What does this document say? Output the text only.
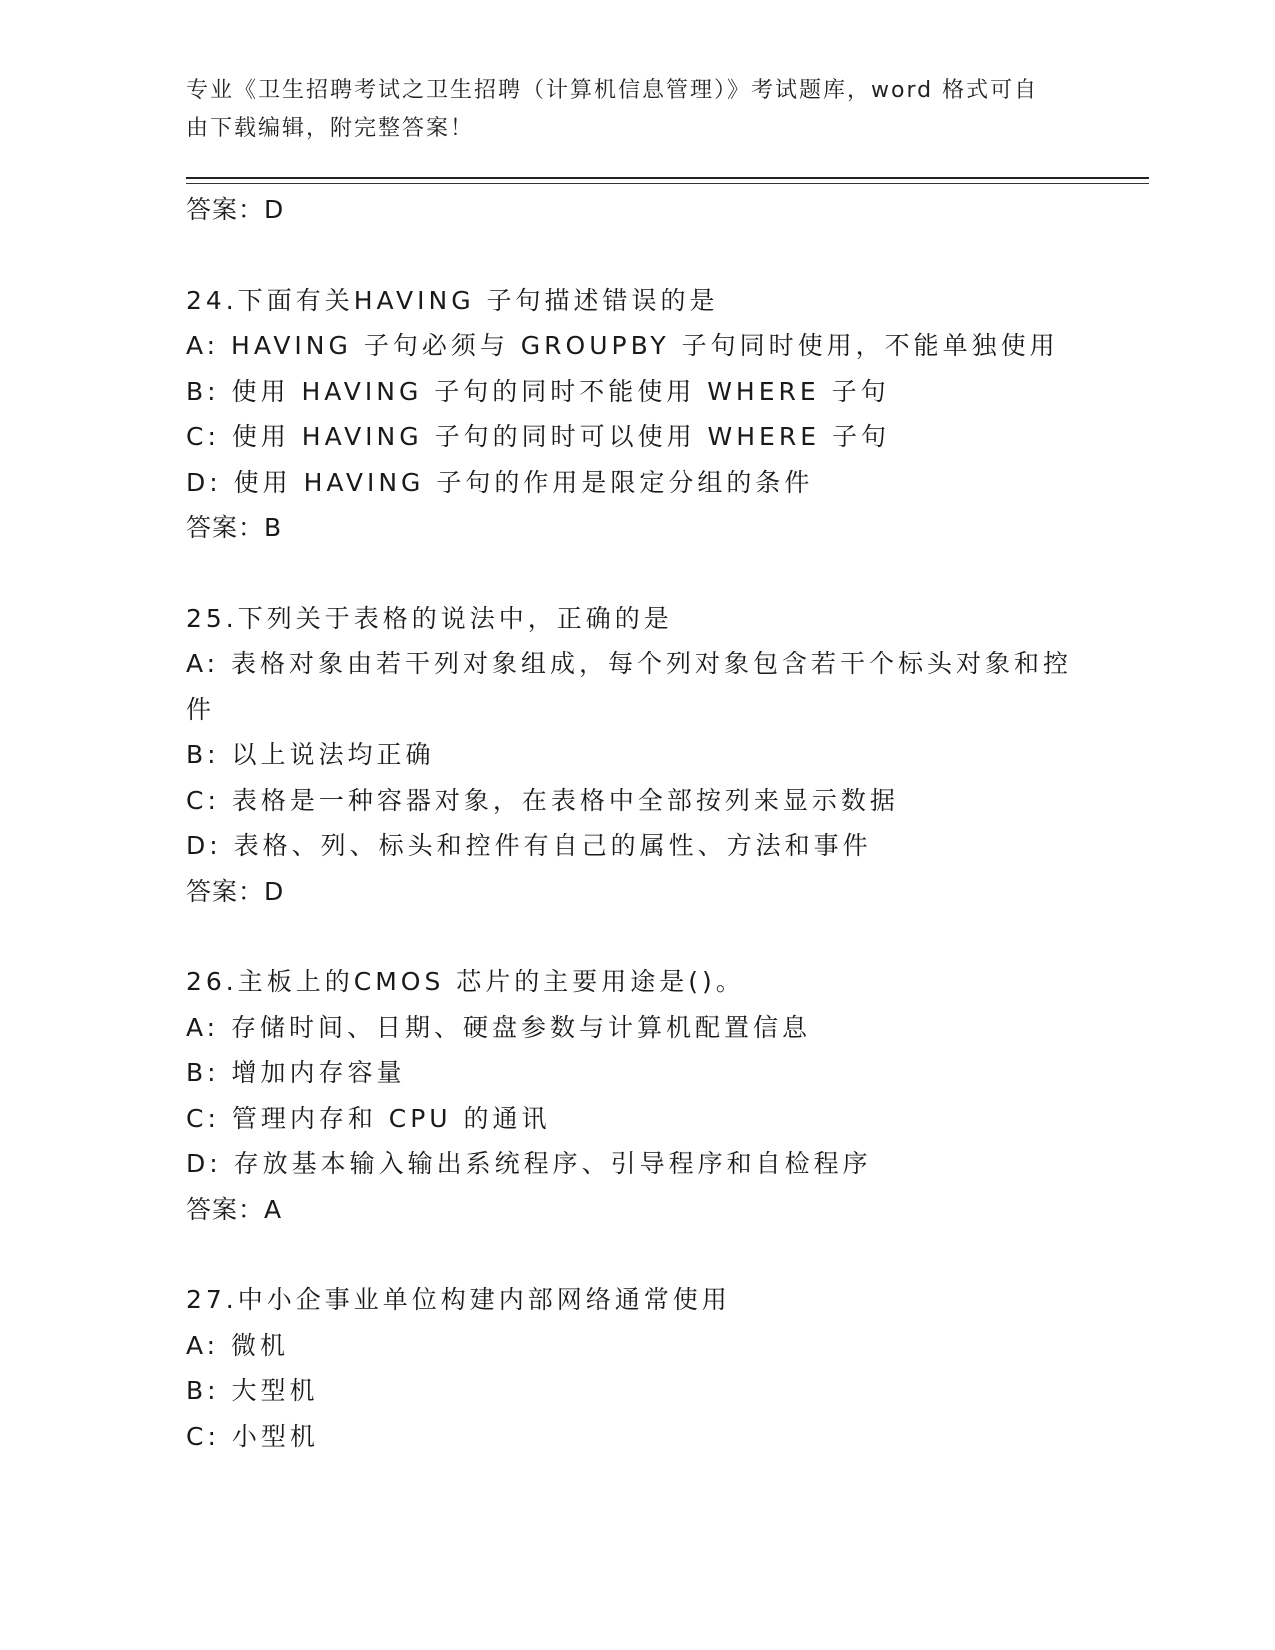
专业《卫生招聘考试之卫生招聘（计算机信息管理）》考试题库，word 格式可自
由下载编辑，附完整答案！
答案：D
24.下面有关HAVING 子句描述错误的是
A: HAVING 子句必须与 GROUPBY 子句同时使用，不能单独使用
B: 使用 HAVING 子句的同时不能使用 WHERE 子句
C: 使用 HAVING 子句的同时可以使用 WHERE 子句
D: 使用 HAVING 子句的作用是限定分组的条件
答案：B
25.下列关于表格的说法中，正确的是
A: 表格对象由若干列对象组成，每个列对象包含若干个标头对象和控件
B: 以上说法均正确
C: 表格是一种容器对象，在表格中全部按列来显示数据
D: 表格、列、标头和控件有自己的属性、方法和事件
答案：D
26.主板上的CMOS 芯片的主要用途是()。
A: 存储时间、日期、硬盘参数与计算机配置信息
B: 增加内存容量
C: 管理内存和 CPU 的通讯
D: 存放基本输入输出系统程序、引导程序和自检程序
答案：A
27.中小企事业单位构建内部网络通常使用
A: 微机
B: 大型机
C: 小型机
